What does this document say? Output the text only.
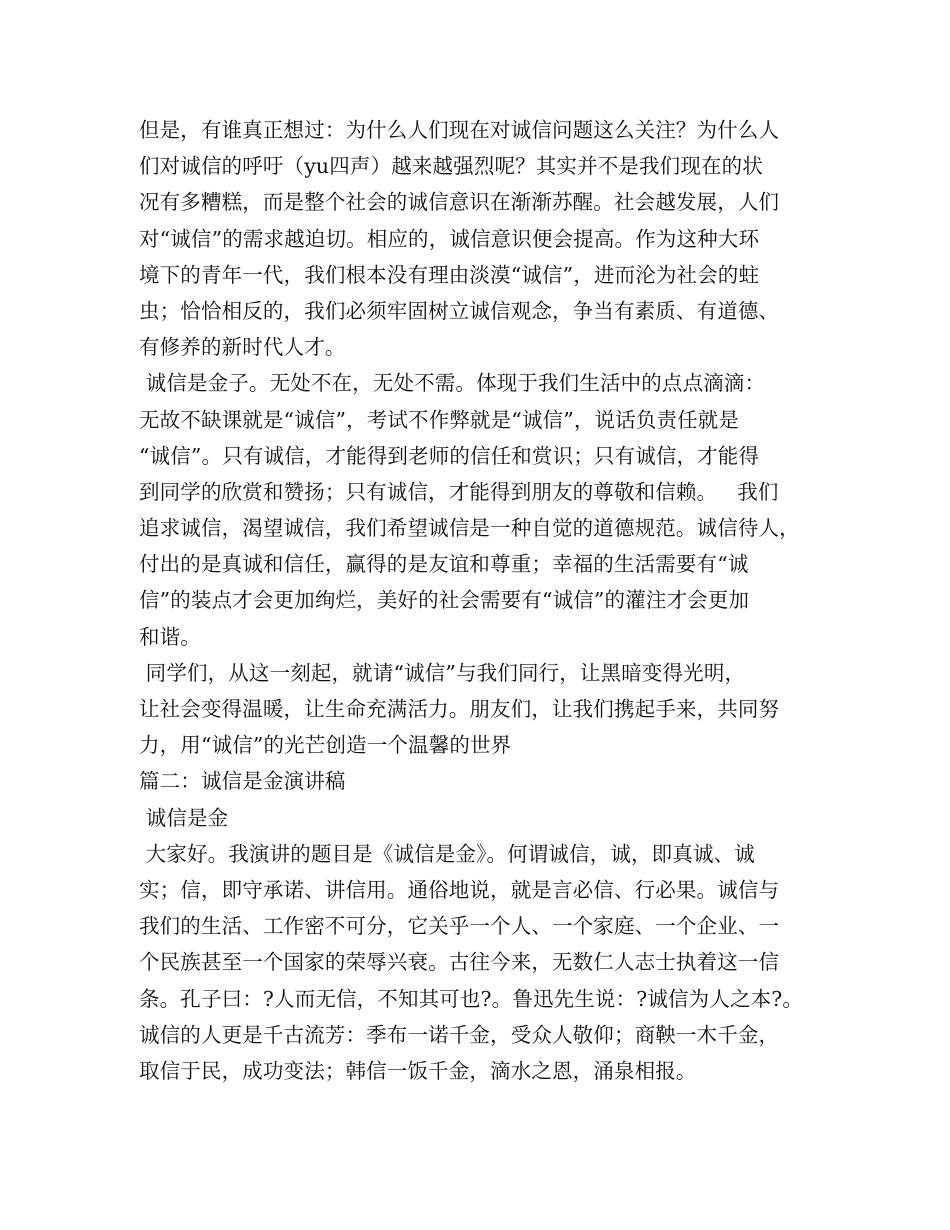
但是，有谁真正想过：为什么人们现在对诚信问题这么关注？为什么人
们对诚信的呼吁（yu四声）越来越强烈呢？其实并不是我们现在的状
况有多糟糕，而是整个社会的诚信意识在渐渐苏醒。社会越发展，人们
对“诚信”的需求越迫切。相应的，诚信意识便会提高。作为这种大环
境下的青年一代，我们根本没有理由淡漠“诚信”，进而沦为社会的蛀
虫；恰恰相反的，我们必须牢固树立诚信观念，争当有素质、有道德、
有修养的新时代人才。
诚信是金子。无处不在，无处不需。体现于我们生活中的点点滴滴：
无故不缺课就是“诚信”，考试不作弊就是“诚信”，说话负责任就是
“诚信”。只有诚信，才能得到老师的信任和赏识；只有诚信，才能得
到同学的欣赏和赞扬；只有诚信，才能得到朋友的尊敬和信赖。   我们
追求诚信，渴望诚信，我们希望诚信是一种自觉的道德规范。诚信待人，
付出的是真诚和信任，赢得的是友谊和尊重；幸福的生活需要有“诚
信”的装点才会更加绚烂，美好的社会需要有“诚信”的灌注才会更加
和谐。
同学们，从这一刻起，就请“诚信”与我们同行，让黑暗变得光明，
让社会变得温暖，让生命充满活力。朋友们，让我们携起手来，共同努
力，用“诚信”的光芒创造一个温馨的世界
篇二：诚信是金演讲稿
诚信是金
大家好。我演讲的题目是《诚信是金》。何谓诚信，诚，即真诚、诚
实；信，即守承诺、讲信用。通俗地说，就是言必信、行必果。诚信与
我们的生活、工作密不可分，它关乎一个人、一个家庭、一个企业、一
个民族甚至一个国家的荣辱兴衰。古往今来，无数仁人志士执着这一信
条。孔子曰：?人而无信，不知其可也?。鲁迅先生说：?诚信为人之本?。
诚信的人更是千古流芳：季布一诺千金，受众人敬仰；商鞅一木千金，
取信于民，成功变法；韩信一饭千金，滴水之恩，涌泉相报。
